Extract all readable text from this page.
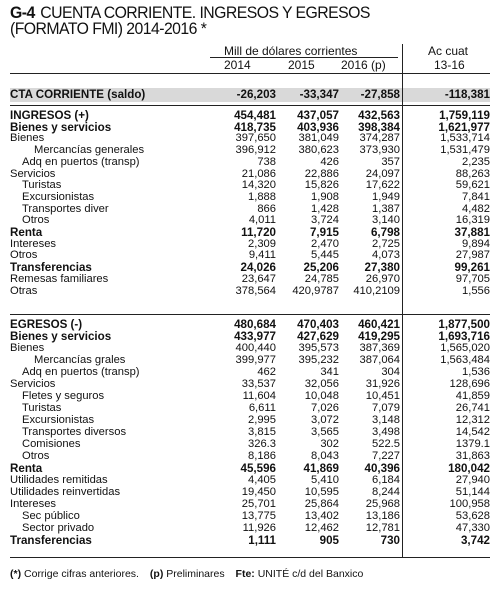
G-4 CUENTA CORRIENTE. INGRESOS Y EGRESOS
(FORMATO FMI) 2014-2016 *
Mill de dólares corrientes	Ac cuat
2014	2015 2016 (p)	13-16
CTA CORRIENTE (saldo)	-26,203 -33,347 -27,858	-118,381
INGRESOS (+)	454,481 437,057 432,563	1,759,119
Bienes y servicios	418,735 403,936 398,384	1,621,977
Bienes	397,650 381,049 374,287	1,533,714
Mercancías generales	396,912 380,623 373,930	1,531,479
Adq en puertos (transp)	738	426	357	2,235
Servicios	21,086	22,886 24,097	88,263
Turistas	14,320	15,826 17,622	59,621
Excursionistas	1,888	1,908	1,949	7,841
Transportes diver	866	1,428	1,387	4,482
Otros	4,011	3,724	3,140	16,319
Renta	11,720	7,915	6,798	37,881
Intereses	2,309	2,470	2,725	9,894
Otros	9,411	5,445	4,073	27,987
Transferencias	24,026 25,206 27,380	99,261
Remesas familiares	23,647	24,785 26,970	97,705
Otras	378,564 420,9787 410,2109	1,556
EGRESOS (-)	480,684 470,403 460,421	1,877,500
Bienes y servicios	433,977 427,629 419,295	1,693,716
Bienes	400,440 395,573 387,369	1,565,020
Mercancías grales	399,977 395,232 387,064	1,563,484
Adq en puertos (transp)	462	341	304	1,536
Servicios	33,537	32,056 31,926	128,696
Fletes y seguros	11,604	10,048 10,451	41,859
Turistas	6,611	7,026	7,079	26,741
Excursionistas	2,995	3,072	3,148	12,312
Transportes diversos	3,815	3,565	3,498	14,542
Comisiones	326.3	302	522.5	1379.1
Otros	8,186	8,043	7,227	31,863
Renta	45,596 41,869 40,396	180,042
Utilidades remitidas	4,405	5,410	6,184	27,940
Utilidades reinvertidas	19,450	10,595	8,244	51,144
Intereses	25,701	25,864 25,968	100,958
Sec público	13,775	13,402 13,186	53,628
Sector privado	11,926	12,462 12,781	47,330
Transferencias	1,111	905	730	3,742
(*) Corrige cifras anteriores. (p) Preliminares Fte: UNITÉ c/d del Banxico
